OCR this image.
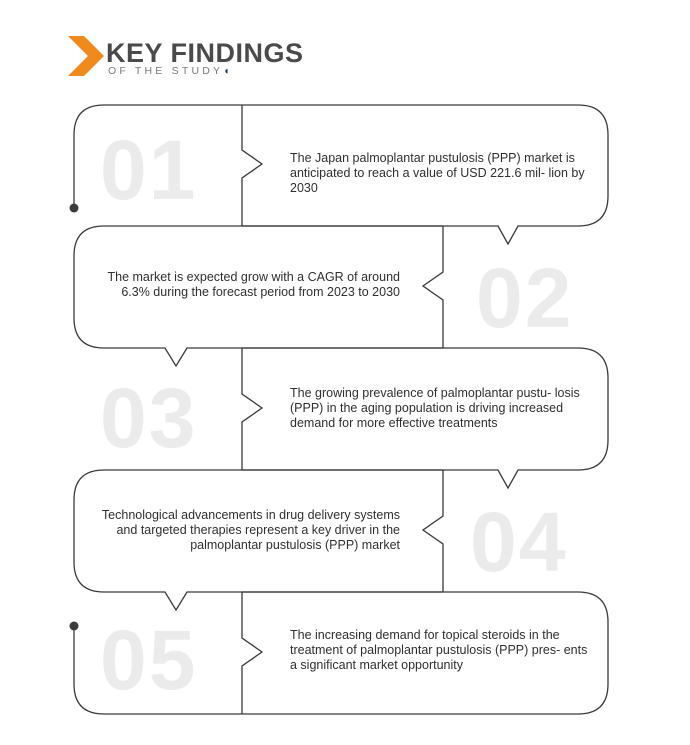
KEY FINDINGS
OF THE STUDY◖
01	The Japan palmoplantar pustulosis (PPP) market is anticipated to reach a value of USD 221.6 mil- lion by 2030
02
The market is expected grow with a CAGR of around 6.3% during the forecast period from 2023 to 2030
03	The growing prevalence of palmoplantar pustu- losis (PPP) in the aging population is driving increased demand for more effective treatments
04
Technological advancements in drug delivery systems and targeted therapies represent a key driver in the palmoplantar pustulosis (PPP) market
05	The increasing demand for topical steroids in the treatment of palmoplantar pustulosis (PPP) pres- ents a significant market opportunity
